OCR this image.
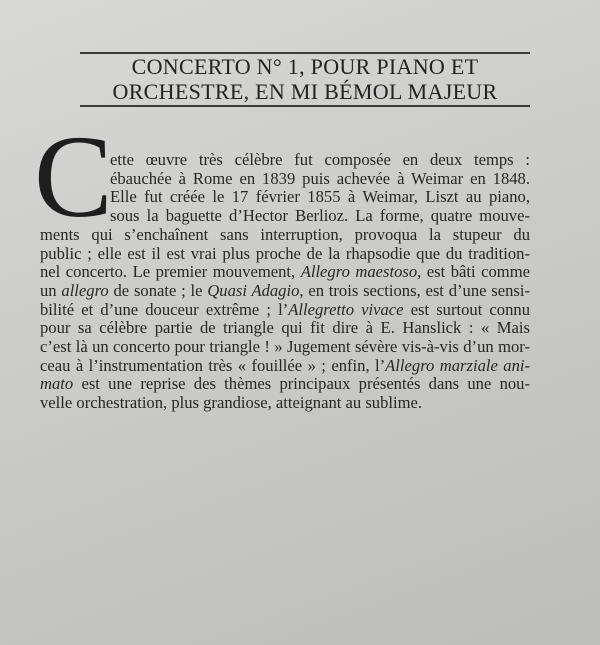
CONCERTO N° 1, POUR PIANO ET
ORCHESTRE, EN MI BÉMOL MAJEUR
C
ette œuvre très célèbre fut composée en deux temps :
ébauchée à Rome en 1839 puis achevée à Weimar en 1848.
Elle fut créée le 17 février 1855 à Weimar, Liszt au piano,
sous la baguette d’Hector Berlioz. La forme, quatre mouve-
ments qui s’enchaînent sans interruption, provoqua la stupeur du
public ; elle est il est vrai plus proche de la rhapsodie que du tradition-
nel concerto. Le premier mouvement, Allegro maestoso, est bâti comme
un allegro de sonate ; le Quasi Adagio, en trois sections, est d’une sensi-
bilité et d’une douceur extrême ; l’Allegretto vivace est surtout connu
pour sa célèbre partie de triangle qui fit dire à E. Hanslick : « Mais
c’est là un concerto pour triangle ! » Jugement sévère vis-à-vis d’un mor-
ceau à l’instrumentation très « fouillée » ; enfin, l’Allegro marziale ani-
mato est une reprise des thèmes principaux présentés dans une nou-
velle orchestration, plus grandiose, atteignant au sublime.
